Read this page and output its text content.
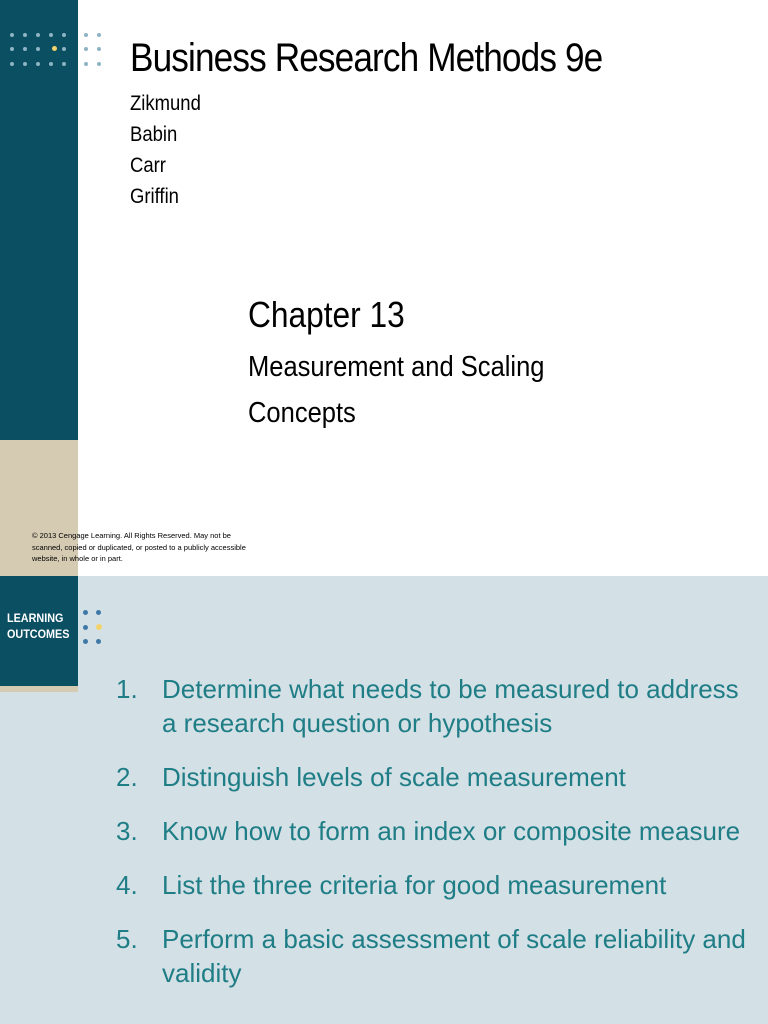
Business Research Methods 9e
Zikmund
Babin
Carr
Griffin
Chapter 13
Measurement and Scaling
Concepts
© 2013 Cengage Learning. All Rights Reserved. May not be scanned, copied or duplicated, or posted to a publicly accessible website, in whole or in part.
LEARNING
OUTCOMES
1. Determine what needs to be measured to address a research question or hypothesis
2. Distinguish levels of scale measurement
3. Know how to form an index or composite measure
4. List the three criteria for good measurement
5. Perform a basic assessment of scale reliability and validity
